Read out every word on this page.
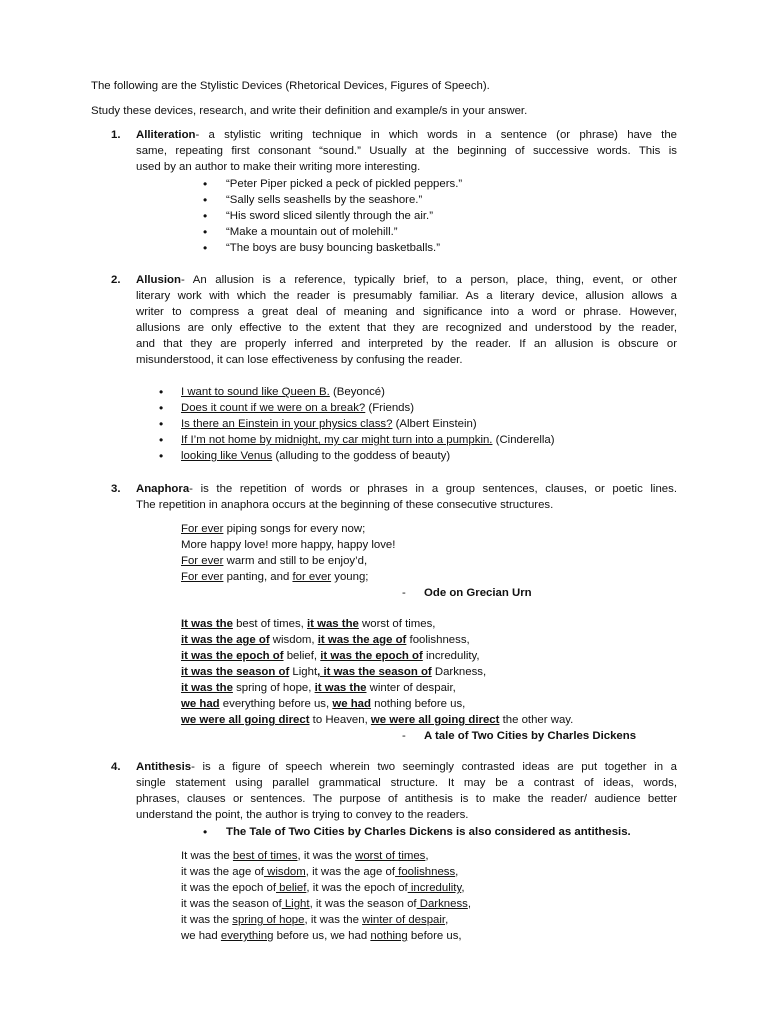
The following are the Stylistic Devices (Rhetorical Devices, Figures of Speech).
Study these devices, research, and write their definition and example/s in your answer.
1. Alliteration- a stylistic writing technique in which words in a sentence (or phrase) have the
same, repeating first consonant “sound.” Usually at the beginning of successive words. This is
used by an author to make their writing more interesting.
• “Peter Piper picked a peck of pickled peppers.”
• “Sally sells seashells by the seashore.”
• “His sword sliced silently through the air.”
• “Make a mountain out of molehill.”
• “The boys are busy bouncing basketballs.”
2. Allusion- An allusion is a reference, typically brief, to a person, place, thing, event, or other
literary work with which the reader is presumably familiar. As a literary device, allusion allows a
writer to compress a great deal of meaning and significance into a word or phrase. However,
allusions are only effective to the extent that they are recognized and understood by the reader,
and that they are properly inferred and interpreted by the reader. If an allusion is obscure or
misunderstood, it can lose effectiveness by confusing the reader.
• I want to sound like Queen B. (Beyoncé)
• Does it count if we were on a break? (Friends)
• Is there an Einstein in your physics class? (Albert Einstein)
• If I’m not home by midnight, my car might turn into a pumpkin. (Cinderella)
• looking like Venus (alluding to the goddess of beauty)
3. Anaphora- is the repetition of words or phrases in a group sentences, clauses, or poetic lines.
The repetition in anaphora occurs at the beginning of these consecutive structures.
For ever piping songs for every now;
More happy love! more happy, happy love!
For ever warm and still to be enjoy’d,
For ever panting, and for ever young;
- Ode on Grecian Urn
It was the best of times, it was the worst of times,
it was the age of wisdom, it was the age of foolishness,
it was the epoch of belief, it was the epoch of incredulity,
it was the season of Light, it was the season of Darkness,
it was the spring of hope, it was the winter of despair,
we had everything before us, we had nothing before us,
we were all going direct to Heaven, we were all going direct the other way.
- A tale of Two Cities by Charles Dickens
4. Antithesis- is a figure of speech wherein two seemingly contrasted ideas are put together in a
single statement using parallel grammatical structure. It may be a contrast of ideas, words,
phrases, clauses or sentences. The purpose of antithesis is to make the reader/ audience better
understand the point, the author is trying to convey to the readers.
• The Tale of Two Cities by Charles Dickens is also considered as antithesis.
It was the best of times, it was the worst of times,
it was the age of wisdom, it was the age of foolishness,
it was the epoch of belief, it was the epoch of incredulity,
it was the season of Light, it was the season of Darkness,
it was the spring of hope, it was the winter of despair,
we had everything before us, we had nothing before us,
